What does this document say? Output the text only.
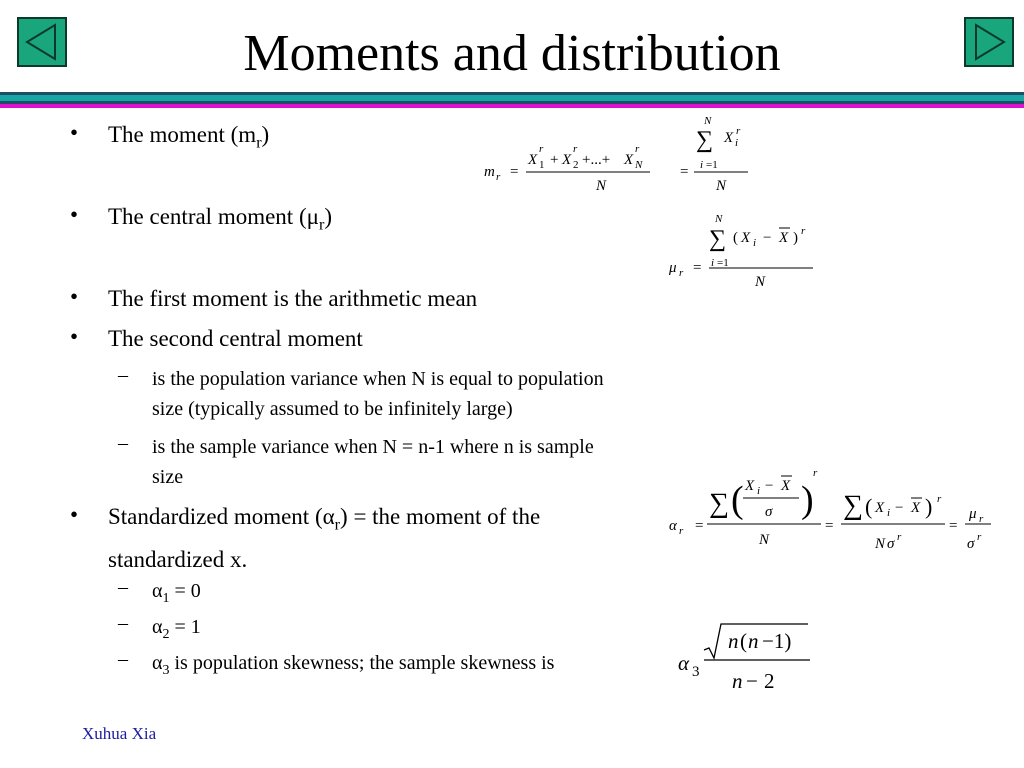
Moments and distribution
• The moment $(m_r)$
m r =
X 1
r
+ X 2
r
+...+ X N
r
N
=
N
∑ X i
r
i =1
N
• The central moment $(\mu_r)$
μ r =
N
∑ ( X i − X ) r
i =1
N
• The first moment is the arithmetic mean
• The second central moment
– is the population variance when N is equal to population
size (typically assumed to be infinitely large)
– is the sample variance when N = n-1 where n is sample
size
• Standardized moment $(\alpha_r)$ = the moment of the
standardized x.
α r =
∑ ( X i − X
σ )
r
N
=
∑ ( X i − X ) r
N σ r
=
μ r
σ r
– $\alpha_1 = 0$
– $\alpha_2 = 1$
– $\alpha_3$ is population skewness; the sample skewness is	α 3
n ( n −1)
n − 2
Xuhua Xia
